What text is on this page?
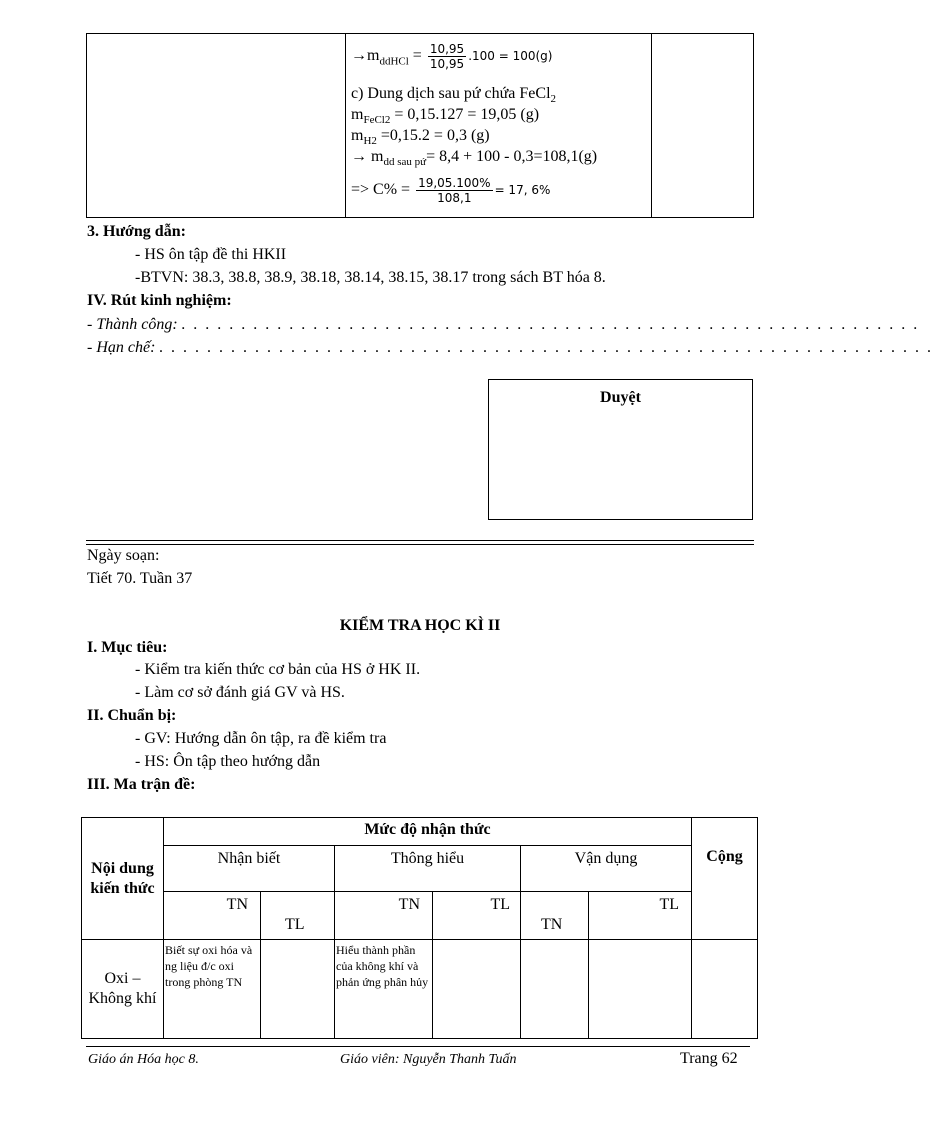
$\to m_{ddHCl} = \frac{10,95}{10,95} .100 = 100(g)$
c) Dung dịch sau pứ chứa FeCl$_2$
$m_{FeCl2} = 0,15.127 = 19,05$ (g)
$m_{H2} =0,15.2 = 0,3$ (g)
→ $m_{dd sau pứ}= 8,4 + 100 - 0,3=108,1(g)$
=> $C\% = \frac{19,05.100\%}{108,1} = 17$, 6%
3. Hướng dẫn:
- HS ôn tập đề thi HKII
-BTVN: 38.3, 38.8, 38.9, 38.18, 38.14, 38.15, 38.17 trong sách BT hóa 8.
IV. Rút kinh nghiệm:
- Thành công: . . . . . . . . . . . . . . . . . . . . . . . . . . . . . . . . . . . . . . . . . . . . . . . . . . . . . . . . . . . . . .
- Hạn chế: . . . . . . . . . . . . . . . . . . . . . . . . . . . . . . . . . . . . . . . . . . . . . . . . . . . . . . . . . . . . . . . . .
Duyệt
Ngày soạn:
Tiết 70. Tuần 37
KIỂM TRA HỌC KÌ II
I. Mục tiêu:
- Kiểm tra kiến thức cơ bản của HS ở HK II.
- Làm cơ sở đánh giá GV và HS.
II. Chuẩn bị:
- GV: Hướng dẫn ôn tập, ra đề kiểm tra
- HS: Ôn tập theo hướng dẫn
III. Ma trận đề:
Nội dung kiến thức	Mức độ nhận thức						Cộng
	Nhận biết		Thông hiểu		Vận dụng		
	TN	TL	TN	TL	TN	TL	

Oxi – Không khí	Biết sự oxi hóa và ng liệu đ/c oxi trong phòng TN		Hiểu thành phần của không khí và phản ứng phân hủy				

Giáo án Hóa học 8.	Giáo viên: Nguyễn Thanh Tuấn	Trang 62
